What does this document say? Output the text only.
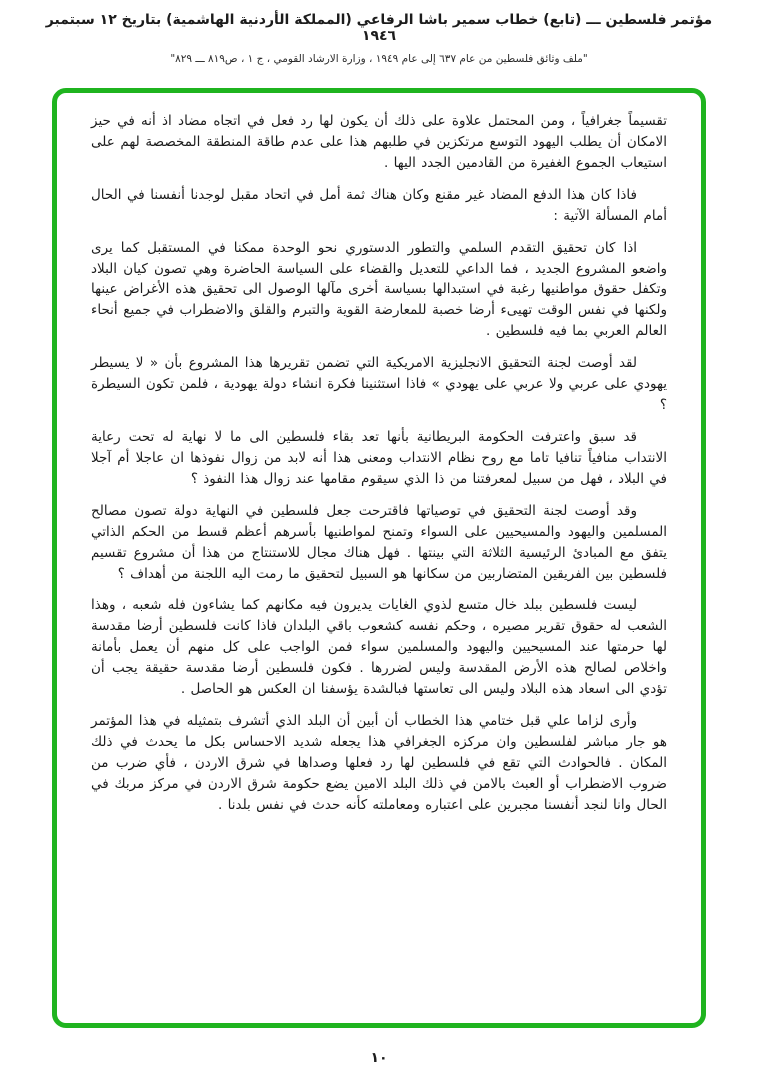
مؤتمر فلسطين ـــ (تابع) خطاب سمير باشا الرفاعي (المملكة الأردنية الهاشمية) بتاريخ ١٢ سبتمبر ١٩٤٦
"ملف وثائق فلسطين من عام ٦٣٧ إلى عام ١٩٤٩ ، وزارة الارشاد القومي ، ج ١ ، ص٨١٩ ـــ ٨٢٩"

تقسيماً جغرافياً ، ومن المحتمل علاوة على ذلك أن يكون لها رد فعل في اتجاه مضاد اذ أنه في حيز الامكان أن يطلب اليهود التوسع مرتكزين في طلبهم هذا على عدم طاقة المنطقة المخصصة لهم على استيعاب الجموع الغفيرة من القادمين الجدد اليها .

فاذا كان هذا الدفع المضاد غير مقنع وكان هناك ثمة أمل في اتحاد مقبل لوجدنا أنفسنا في الحال أمام المسألة الآتية :

اذا كان تحقيق التقدم السلمي والتطور الدستوري نحو الوحدة ممكنا في المستقبل كما يرى واضعو المشروع الجديد ، فما الداعي للتعديل والقضاء على السياسة الحاضرة وهي تصون كيان البلاد وتكفل حقوق مواطنيها رغبة في استبدالها بسياسة أخرى مآلها الوصول الى تحقيق هذه الأغراض عينها ولكنها في نفس الوقت تهيىء أرضا خصبة للمعارضة القوية والتبرم والقلق والاضطراب في جميع أنحاء العالم العربي بما فيه فلسطين .

لقد أوصت لجنة التحقيق الانجليزية الامريكية التي تضمن تقريرها هذا المشروع بأن « لا يسيطر يهودي على عربي ولا عربي على يهودي » فاذا استثنينا فكرة انشاء دولة يهودية ، فلمن تكون السيطرة ؟

قد سبق واعترفت الحكومة البريطانية بأنها تعد بقاء فلسطين الى ما لا نهاية له تحت رعاية الانتداب منافياً تنافيا تاما مع روح نظام الانتداب ومعنى هذا أنه لابد من زوال نفوذها ان عاجلا أم آجلا في البلاد ، فهل من سبيل لمعرفتنا من ذا الذي سيقوم مقامها عند زوال هذا النفوذ ؟

وقد أوصت لجنة التحقيق في توصياتها فاقترحت جعل فلسطين في النهاية دولة تصون مصالح المسلمين واليهود والمسيحيين على السواء وتمنح لمواطنيها بأسرهم أعظم قسط من الحكم الذاتي يتفق مع المبادئ الرئيسية الثلاثة التي بينتها . فهل هناك مجال للاستنتاج من هذا أن مشروع تقسيم فلسطين بين الفريقين المتضاربين من سكانها هو السبيل لتحقيق ما رمت اليه اللجنة من أهداف ؟

ليست فلسطين ببلد خال متسع لذوي الغايات يديرون فيه مكانهم كما يشاءون فله شعبه ، وهذا الشعب له حقوق تقرير مصيره ، وحكم نفسه كشعوب باقي البلدان فاذا كانت فلسطين أرضا مقدسة لها حرمتها عند المسيحيين واليهود والمسلمين سواء فمن الواجب على كل منهم أن يعمل بأمانة واخلاص لصالح هذه الأرض المقدسة وليس لضررها . فكون فلسطين أرضا مقدسة حقيقة يجب أن تؤدي الى اسعاد هذه البلاد وليس الى تعاستها فبالشدة يؤسفنا ان العكس هو الحاصل .

وأرى لزاما علي قبل ختامي هذا الخطاب أن أبين أن البلد الذي أتشرف بتمثيله في هذا المؤتمر هو جار مباشر لفلسطين وان مركزه الجغرافي هذا يجعله شديد الاحساس بكل ما يحدث في ذلك المكان . فالحوادث التي تقع في فلسطين لها رد فعلها وصداها في شرق الاردن ، فأي ضرب من ضروب الاضطراب أو العبث بالامن في ذلك البلد الامين يضع حكومة شرق الاردن في مركز مربك في الحال وانا لنجد أنفسنا مجبرين على اعتباره ومعاملته كأنه حدث في نفس بلدنا .

١٠
